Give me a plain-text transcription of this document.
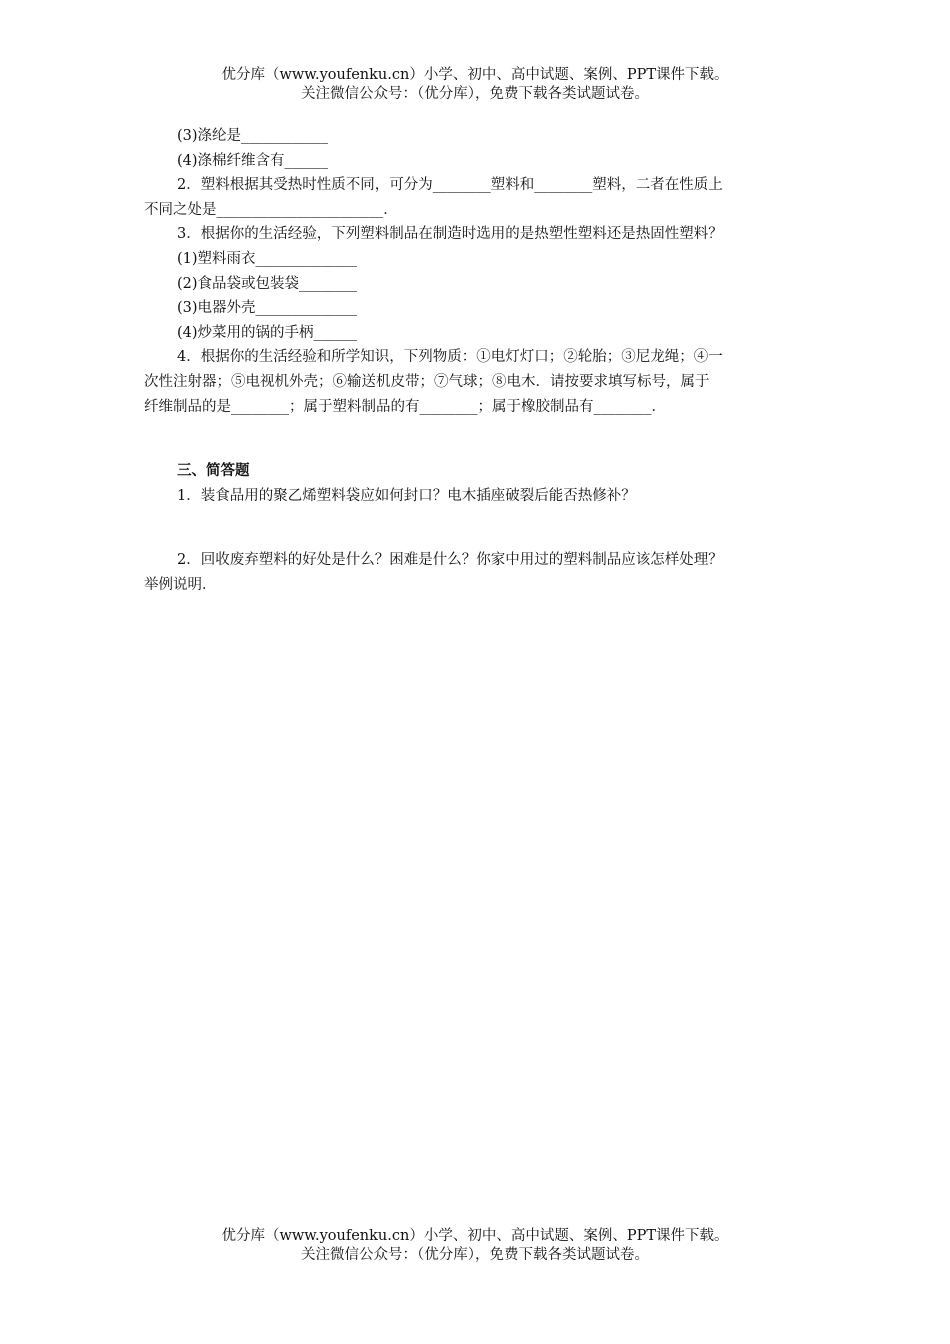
优分库（www.youfenku.cn）小学、初中、高中试题、案例、PPT课件下载。
关注微信公众号：（优分库），免费下载各类试题试卷。
(3)涤纶是____________
(4)涤棉纤维含有______
2．塑料根据其受热时性质不同，可分为________塑料和________塑料，二者在性质上
不同之处是_______________________．
3．根据你的生活经验，下列塑料制品在制造时选用的是热塑性塑料还是热固性塑料？
(1)塑料雨衣______________
(2)食品袋或包装袋________
(3)电器外壳______________
(4)炒菜用的锅的手柄______
4．根据你的生活经验和所学知识，下列物质：①电灯灯口；②轮胎；③尼龙绳；④一
次性注射器；⑤电视机外壳；⑥输送机皮带；⑦气球；⑧电木．请按要求填写标号，属于
纤维制品的是________；属于塑料制品的有________；属于橡胶制品有________．
三、简答题
1．装食品用的聚乙烯塑料袋应如何封口？电木插座破裂后能否热修补？
2．回收废弃塑料的好处是什么？困难是什么？你家中用过的塑料制品应该怎样处理？
举例说明．
优分库（www.youfenku.cn）小学、初中、高中试题、案例、PPT课件下载。
关注微信公众号：（优分库），免费下载各类试题试卷。
